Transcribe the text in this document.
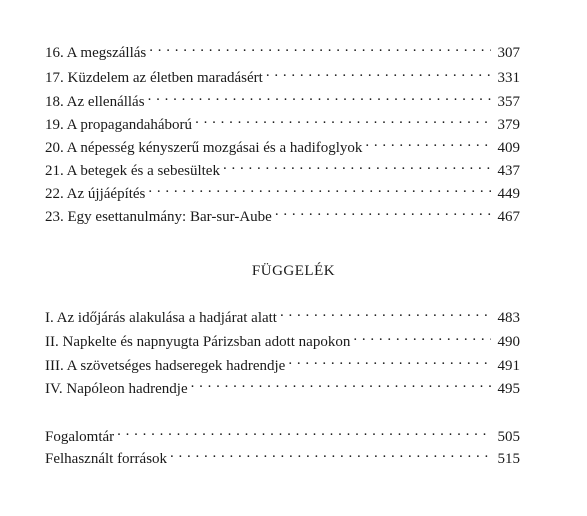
16. A megszállás . . .	307
17. Küzdelem az életben maradásért . . .	331
18. Az ellenállás . . .	357
19. A propagandaháború . . .	379
20. A népesség kényszerű mozgásai és a hadifoglyok . . .	409
21. A betegek és a sebesültek . . .	437
22. Az újjáépítés . . .	449
23. Egy esettanulmány: Bar-sur-Aube . . .	467
FÜGGELÉK
I. Az időjárás alakulása a hadjárat alatt . . .	483
II. Napkelte és napnyugta Párizsban adott napokon . . .	490
III. A szövetséges hadseregek hadrendje . . .	491
IV. Napóleon hadrendje . . .	495
Fogalomtár . . .	505
Felhasznált források . . .	515
